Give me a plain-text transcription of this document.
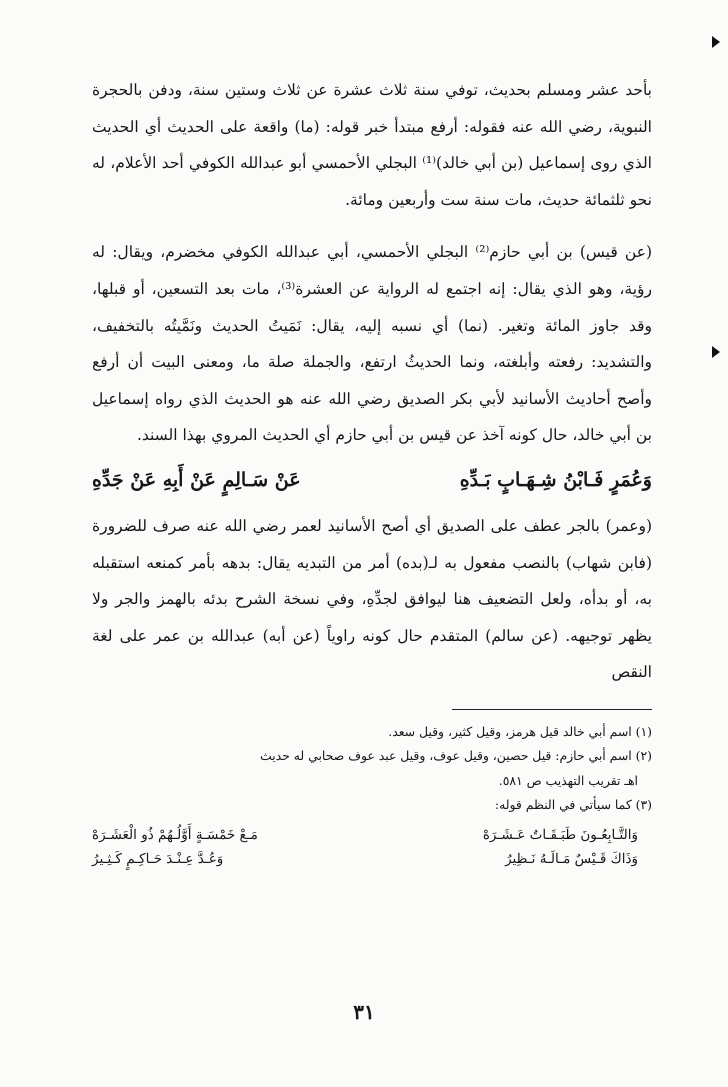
بأحد عشر ومسلم بحديث، توفي سنة ثلاث عشرة عن ثلاث وستين سنة، ودفن بالحجرة النبوية، رضي الله عنه فقوله: أرفع مبتدأ خبر قوله: (ما) واقعة على الحديث أي الحديث الذي روى إسماعيل (بن أبي خالد)⁽¹⁾ البجلي الأحمسي أبو عبدالله الكوفي أحد الأعلام، له نحو ثلثمائة حديث، مات سنة ست وأربعين ومائة.

(عن قيس) بن أبي حازم⁽²⁾ البجلي الأحمسي، أبي عبدالله الكوفي مخضرم، ويقال: له رؤية، وهو الذي يقال: إنه اجتمع له الرواية عن العشرة⁽³⁾، مات بعد التسعين، أو قبلها، وقد جاوز المائة وتغير. (نما) أي نسبه إليه، يقال: نَمَيتُ الحديث ونَمَّيتُه بالتخفيف، والتشديد: رفعته وأبلغته، ونما الحديثُ ارتفع، والجملة صلة ما، ومعنى البيت أن أرفع وأصح أحاديث الأسانيد لأبي بكر الصديق رضي الله عنه هو الحديث الذي رواه إسماعيل بن أبي خالد، حال كونه آخذ عن قيس بن أبي حازم أي الحديث المروي بهذا السند.

وَعُمَرٍ فَـابْنُ شِـهَـابٍ بَـدِّهِ
عَنْ سَـالِمٍ عَنْ أَبِهِ عَنْ جَدِّهِ

(وعمر) بالجر عطف على الصديق أي أصح الأسانيد لعمر رضي الله عنه صرف للضرورة (فابن شهاب) بالنصب مفعول به لـ(بده) أمر من التبديه يقال: بدهه بأمر كمنعه استقبله به، أو بدأه، ولعل التضعيف هنا ليوافق لجدِّهِ، وفي نسخة الشرح بدئه بالهمز والجر ولا يظهر توجيهه. (عن سالم) المتقدم حال كونه راوياً (عن أبه) عبدالله بن عمر على لغة النقص

(١) اسم أبي خالد قيل هرمز، وقيل كثير، وقيل سعد.

(٢) اسم أبي حازم: قيل حصين، وقيل عوف، وقيل عبد عوف صحابي له حديث

اهـ تقريب التهذيب ص ٥٨١.

(٣) كما سيأتي في النظم قوله:

وَالتَّـابِعُـونَ طَبَـقَـاتٌ عَـشَـرَهْ
مَـعْ خَمْسَـةٍ أَوَّلُـهُمْ ذُو الْعَشَـرَهْ
وَذَاكَ قَـيْسٌ مَـالَـهُ نَـظِيرُ
وَعُـدَّ عِـنْـدَ حَـاكِـمٍ كَـثِـيرُ
٣١
